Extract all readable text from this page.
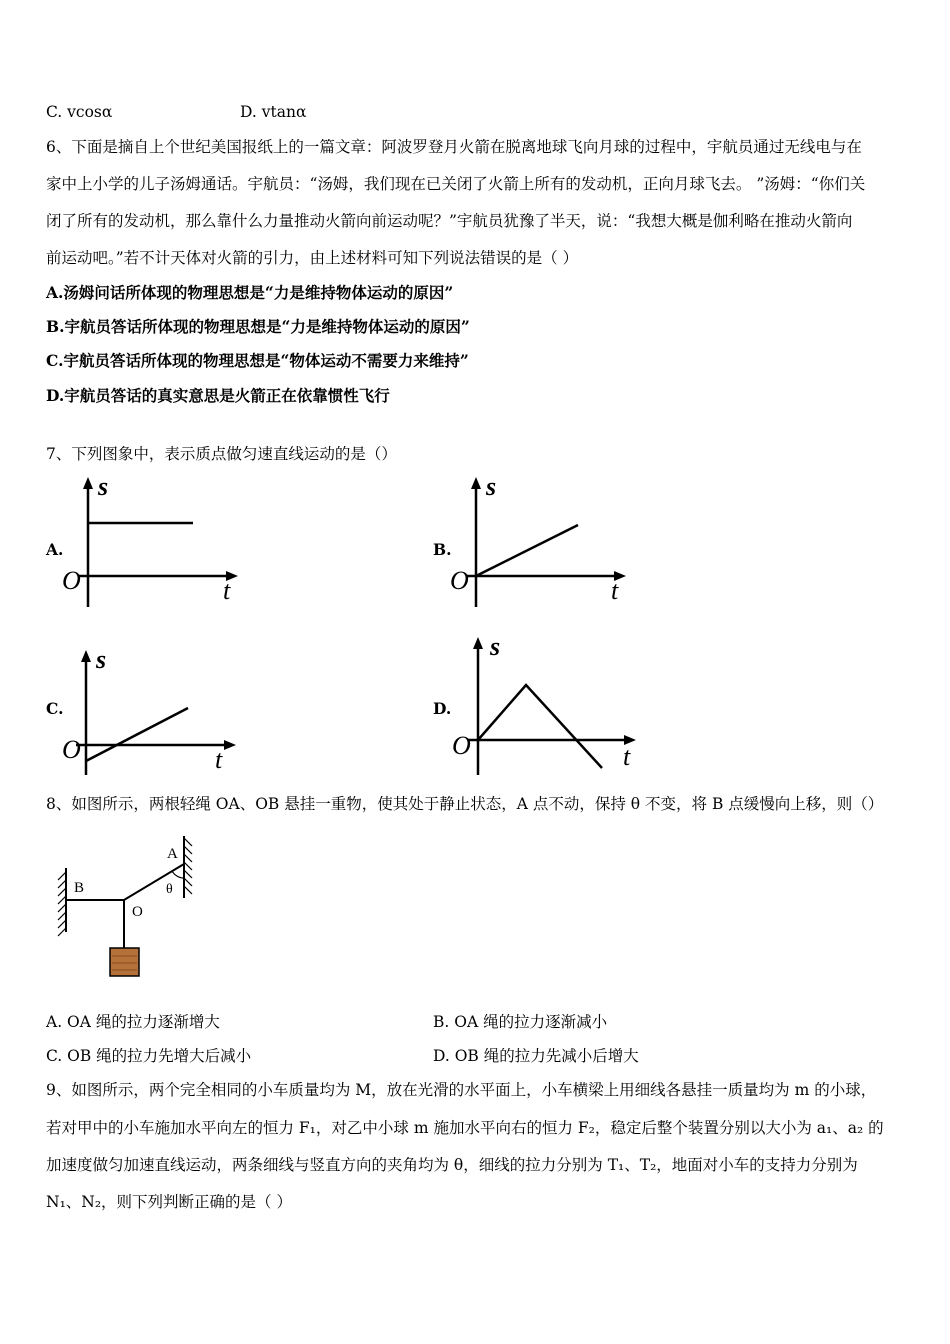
C. vcosα	D. vtanα
6、下面是摘自上个世纪美国报纸上的一篇文章：阿波罗登月火箭在脱离地球飞向月球的过程中，宇航员通过无线电与在
家中上小学的儿子汤姆通话。宇航员：“汤姆，我们现在已关闭了火箭上所有的发动机，正向月球飞去。 ”汤姆：“你们关
闭了所有的发动机，那么靠什么力量推动火箭向前运动呢？”宇航员犹豫了半天，说：“我想大概是伽利略在推动火箭向
前运动吧。”若不计天体对火箭的引力，由上述材料可知下列说法错误的是（ ）
A.汤姆问话所体现的物理思想是“力是维持物体运动的原因”
B.宇航员答话所体现的物理思想是“力是维持物体运动的原因”
C.宇航员答话所体现的物理思想是“物体运动不需要力来维持”
D.宇航员答话的真实意思是火箭正在依靠惯性飞行
7、下列图象中，表示质点做匀速直线运动的是（）
A.	B.
C.	D.
s
O	t
s
O	t
s
O	t
s
O	t
8、如图所示，两根轻绳 OA、OB 悬挂一重物，使其处于静止状态，A 点不动，保持 θ 不变，将 B 点缓慢向上移，则（）
A
B
O
θ
A. OA 绳的拉力逐渐增大	B. OA 绳的拉力逐渐减小
C. OB 绳的拉力先增大后减小	D. OB 绳的拉力先减小后增大
9、如图所示，两个完全相同的小车质量均为 M，放在光滑的水平面上，小车横梁上用细线各悬挂一质量均为 m 的小球，
若对甲中的小车施加水平向左的恒力 F₁，对乙中小球 m 施加水平向右的恒力 F₂，稳定后整个装置分别以大小为 a₁、a₂ 的
加速度做匀加速直线运动，两条细线与竖直方向的夹角均为 θ，细线的拉力分别为 T₁、T₂，地面对小车的支持力分别为
N₁、N₂，则下列判断正确的是（ ）
